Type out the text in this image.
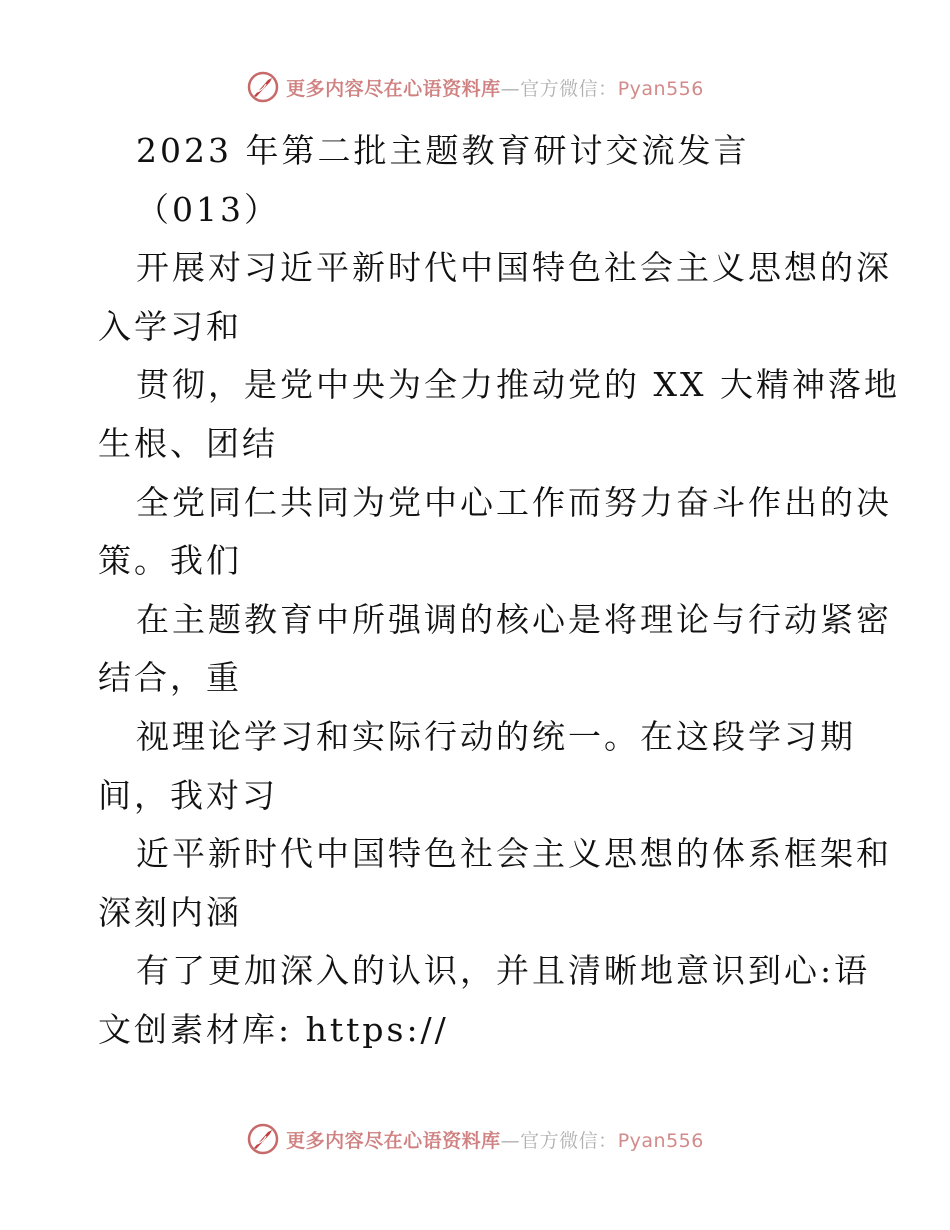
更多内容尽在心语资料库—官方微信：Pyan556
2023 年第二批主题教育研讨交流发言
（013）
开展对习近平新时代中国特色社会主义思想的深
入学习和
贯彻，是党中央为全力推动党的 XX 大精神落地
生根、团结
全党同仁共同为党中心工作而努力奋斗作出的决
策。我们
在主题教育中所强调的核心是将理论与行动紧密
结合，重
视理论学习和实际行动的统一。在这段学习期
间，我对习
近平新时代中国特色社会主义思想的体系框架和
深刻内涵
有了更加深入的认识，并且清晰地意识到心:语
文创素材库: https://
更多内容尽在心语资料库—官方微信：Pyan556
